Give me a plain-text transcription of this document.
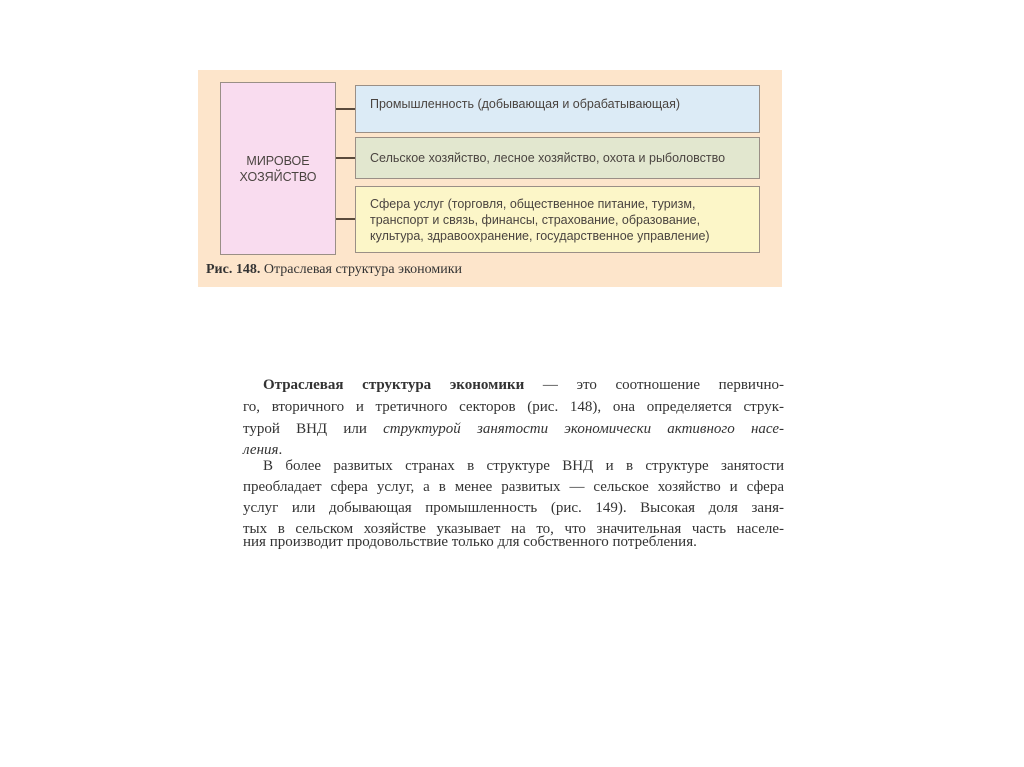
МИРОВОЕ ХОЗЯЙСТВО
Промышленность (добывающая и обрабатывающая)
Сельское хозяйство, лесное хозяйство, охота и рыболовство
Сфера услуг (торговля, общественное питание, туризм, транспорт и связь, финансы, страхование, образование, культура, здравоохранение, государственное управление)
Рис. 148. Отраслевая структура экономики
Отраслевая структура экономики — это соотношение первично-
го, вторичного и третичного секторов (рис. 148), она определяется струк-
турой ВНД или структурой занятости экономически активного насе-
ления.
В более развитых странах в структуре ВНД и в структуре занятости
преобладает сфера услуг, а в менее развитых — сельское хозяйство и сфера
услуг или добывающая промышленность (рис. 149). Высокая доля заня-
тых в сельском хозяйстве указывает на то, что значительная часть населе-
ния производит продовольствие только для собственного потребления.
